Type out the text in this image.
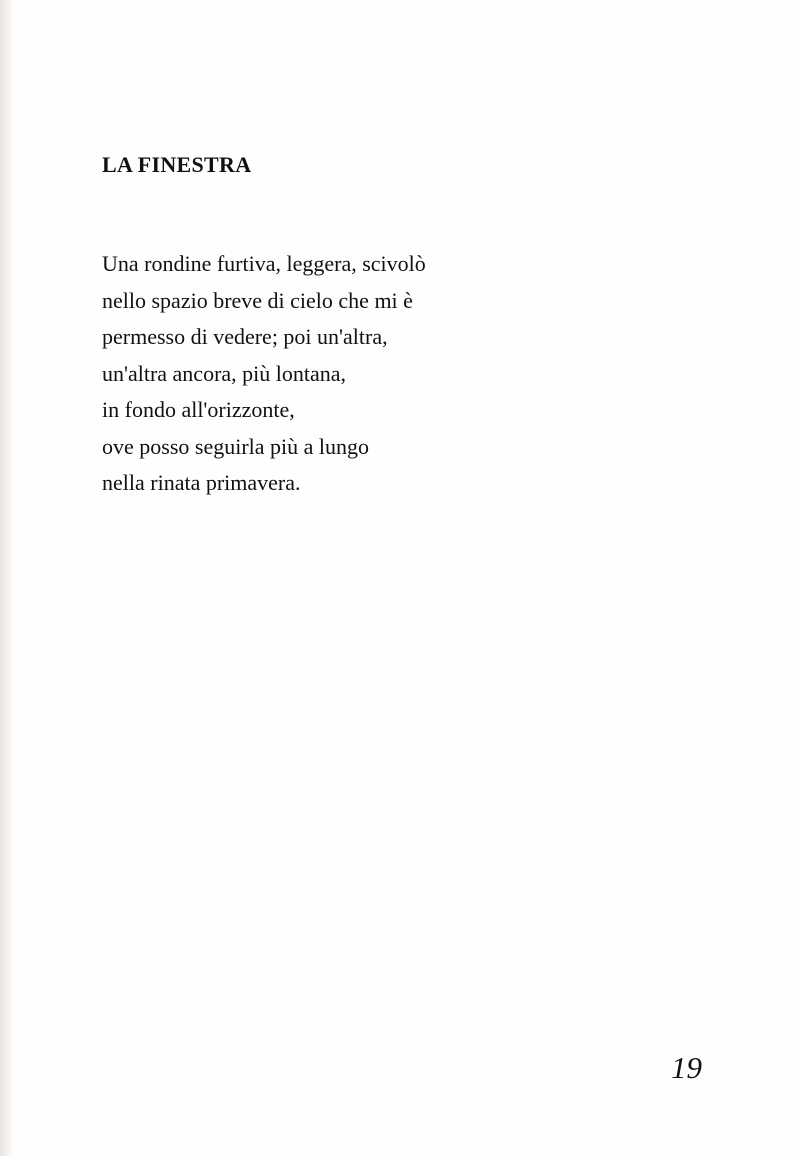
LA FINESTRA
Una rondine furtiva, leggera, scivolò
nello spazio breve di cielo che mi è
permesso di vedere; poi un'altra,
un'altra ancora, più lontana,
in fondo all'orizzonte,
ove posso seguirla più a lungo
nella rinata primavera.
19
